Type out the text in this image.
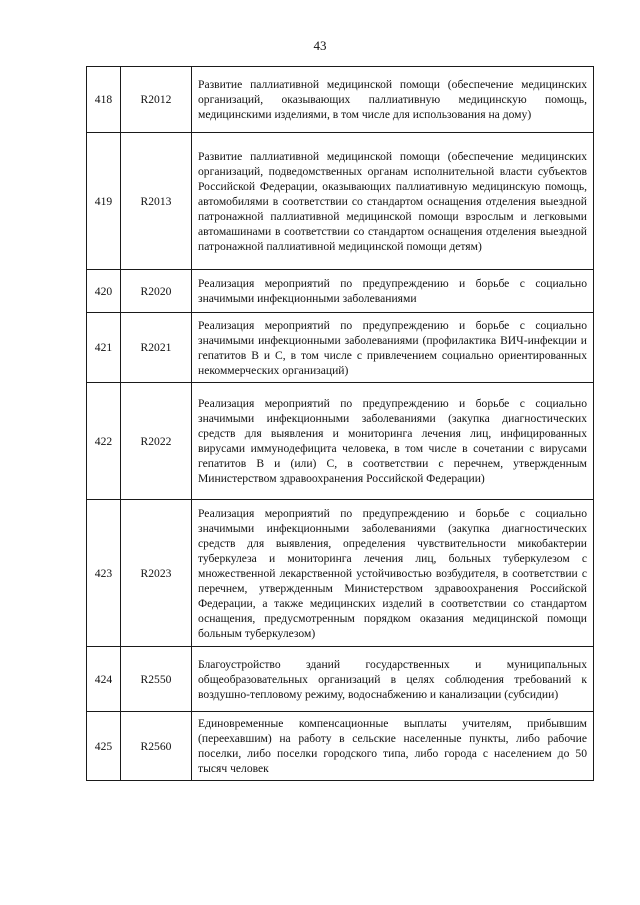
43
418	R2012	Развитие паллиативной медицинской помощи (обеспечение медицинских организаций, оказывающих паллиативную медицинскую помощь, медицинскими изделиями, в том числе для использования на дому)
419	R2013	Развитие паллиативной медицинской помощи (обеспечение медицинских организаций, подведомственных органам исполнительной власти субъектов Российской Федерации, оказывающих паллиативную медицинскую помощь, автомобилями в соответствии со стандартом оснащения отделения выездной патронажной паллиативной медицинской помощи взрослым и легковыми автомашинами в соответствии со стандартом оснащения отделения выездной патронажной паллиативной медицинской помощи детям)
420	R2020	Реализация мероприятий по предупреждению и борьбе с социально значимыми инфекционными заболеваниями
421	R2021	Реализация мероприятий по предупреждению и борьбе с социально значимыми инфекционными заболеваниями (профилактика ВИЧ-инфекции и гепатитов B и C, в том числе с привлечением социально ориентированных некоммерческих организаций)
422	R2022	Реализация мероприятий по предупреждению и борьбе с социально значимыми инфекционными заболеваниями (закупка диагностических средств для выявления и мониторинга лечения лиц, инфицированных вирусами иммунодефицита человека, в том числе в сочетании с вирусами гепатитов B и (или) C, в соответствии с перечнем, утвержденным Министерством здравоохранения Российской Федерации)
423	R2023	Реализация мероприятий по предупреждению и борьбе с социально значимыми инфекционными заболеваниями (закупка диагностических средств для выявления, определения чувствительности микобактерии туберкулеза и мониторинга лечения лиц, больных туберкулезом с множественной лекарственной устойчивостью возбудителя, в соответствии с перечнем, утвержденным Министерством здравоохранения Российской Федерации, а также медицинских изделий в соответствии со стандартом оснащения, предусмотренным порядком оказания медицинской помощи больным туберкулезом)
424	R2550	Благоустройство зданий государственных и муниципальных общеобразовательных организаций в целях соблюдения требований к воздушно-тепловому режиму, водоснабжению и канализации (субсидии)
425	R2560	Единовременные компенсационные выплаты учителям, прибывшим (переехавшим) на работу в сельские населенные пункты, либо рабочие поселки, либо поселки городского типа, либо города с населением до 50 тысяч человек
